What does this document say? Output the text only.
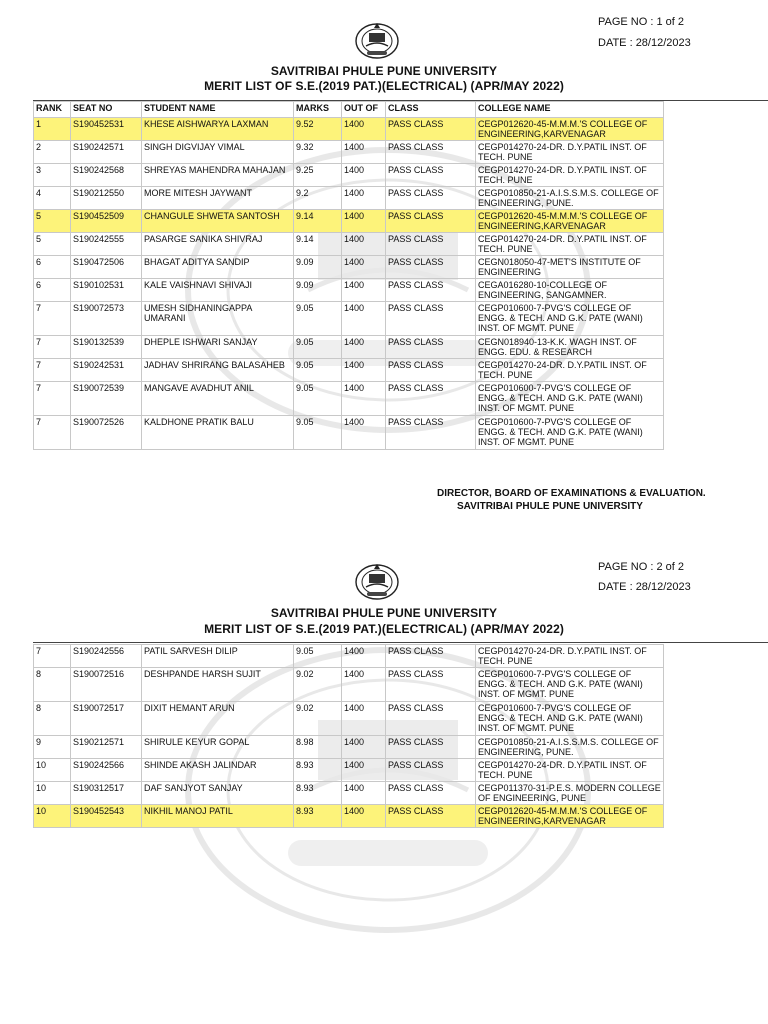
PAGE NO : 1 of 2
DATE : 28/12/2023
SAVITRIBAI PHULE PUNE UNIVERSITY
MERIT LIST OF S.E.(2019 PAT.)(ELECTRICAL) (APR/MAY 2022)
RANK	SEAT NO	STUDENT NAME	MARKS	OUT OF	CLASS	COLLEGE NAME
1	S190452531	KHESE AISHWARYA LAXMAN	9.52	1400	PASS CLASS	CEGP012620-45-M.M.M.'S COLLEGE OF ENGINEERING,KARVENAGAR
2	S190242571	SINGH DIGVIJAY VIMAL	9.32	1400	PASS CLASS	CEGP014270-24-DR. D.Y.PATIL INST. OF TECH. PUNE
3	S190242568	SHREYAS MAHENDRA MAHAJAN	9.25	1400	PASS CLASS	CEGP014270-24-DR. D.Y.PATIL INST. OF TECH. PUNE
4	S190212550	MORE MITESH JAYWANT	9.2	1400	PASS CLASS	CEGP010850-21-A.I.S.S.M.S. COLLEGE OF ENGINEERING, PUNE.
5	S190452509	CHANGULE SHWETA SANTOSH	9.14	1400	PASS CLASS	CEGP012620-45-M.M.M.'S COLLEGE OF ENGINEERING,KARVENAGAR
5	S190242555	PASARGE SANIKA SHIVRAJ	9.14	1400	PASS CLASS	CEGP014270-24-DR. D.Y.PATIL INST. OF TECH. PUNE
6	S190472506	BHAGAT ADITYA SANDIP	9.09	1400	PASS CLASS	CEGN018050-47-MET'S INSTITUTE OF ENGINEERING
6	S190102531	KALE VAISHNAVI SHIVAJI	9.09	1400	PASS CLASS	CEGA016280-10-COLLEGE OF ENGINEERING, SANGAMNER.
7	S190072573	UMESH SIDHANINGAPPA UMARANI	9.05	1400	PASS CLASS	CEGP010600-7-PVG'S COLLEGE OF ENGG. & TECH. AND G.K. PATE (WANI) INST. OF MGMT. PUNE
7	S190132539	DHEPLE ISHWARI SANJAY	9.05	1400	PASS CLASS	CEGN018940-13-K.K. WAGH INST. OF ENGG. EDU. & RESEARCH
7	S190242531	JADHAV SHRIRANG BALASAHEB	9.05	1400	PASS CLASS	CEGP014270-24-DR. D.Y.PATIL INST. OF TECH. PUNE
7	S190072539	MANGAVE AVADHUT ANIL	9.05	1400	PASS CLASS	CEGP010600-7-PVG'S COLLEGE OF ENGG. & TECH. AND G.K. PATE (WANI) INST. OF MGMT. PUNE
7	S190072526	KALDHONE PRATIK BALU	9.05	1400	PASS CLASS	CEGP010600-7-PVG'S COLLEGE OF ENGG. & TECH. AND G.K. PATE (WANI) INST. OF MGMT. PUNE
DIRECTOR, BOARD OF EXAMINATIONS & EVALUATION.
SAVITRIBAI PHULE PUNE UNIVERSITY
PAGE NO : 2 of 2
DATE : 28/12/2023
SAVITRIBAI PHULE PUNE UNIVERSITY
MERIT LIST OF S.E.(2019 PAT.)(ELECTRICAL) (APR/MAY 2022)
7	S190242556	PATIL SARVESH DILIP	9.05	1400	PASS CLASS	CEGP014270-24-DR. D.Y.PATIL INST. OF TECH. PUNE
8	S190072516	DESHPANDE HARSH SUJIT	9.02	1400	PASS CLASS	CEGP010600-7-PVG'S COLLEGE OF ENGG. & TECH. AND G.K. PATE (WANI) INST. OF MGMT. PUNE
8	S190072517	DIXIT HEMANT ARUN	9.02	1400	PASS CLASS	CEGP010600-7-PVG'S COLLEGE OF ENGG. & TECH. AND G.K. PATE (WANI) INST. OF MGMT. PUNE
9	S190212571	SHIRULE KEYUR GOPAL	8.98	1400	PASS CLASS	CEGP010850-21-A.I.S.S.M.S. COLLEGE OF ENGINEERING, PUNE.
10	S190242566	SHINDE AKASH JALINDAR	8.93	1400	PASS CLASS	CEGP014270-24-DR. D.Y.PATIL INST. OF TECH. PUNE
10	S190312517	DAF SANJYOT SANJAY	8.93	1400	PASS CLASS	CEGP011370-31-P.E.S. MODERN COLLEGE OF ENGINEERING, PUNE
10	S190452543	NIKHIL MANOJ PATIL	8.93	1400	PASS CLASS	CEGP012620-45-M.M.M.'S COLLEGE OF ENGINEERING,KARVENAGAR
